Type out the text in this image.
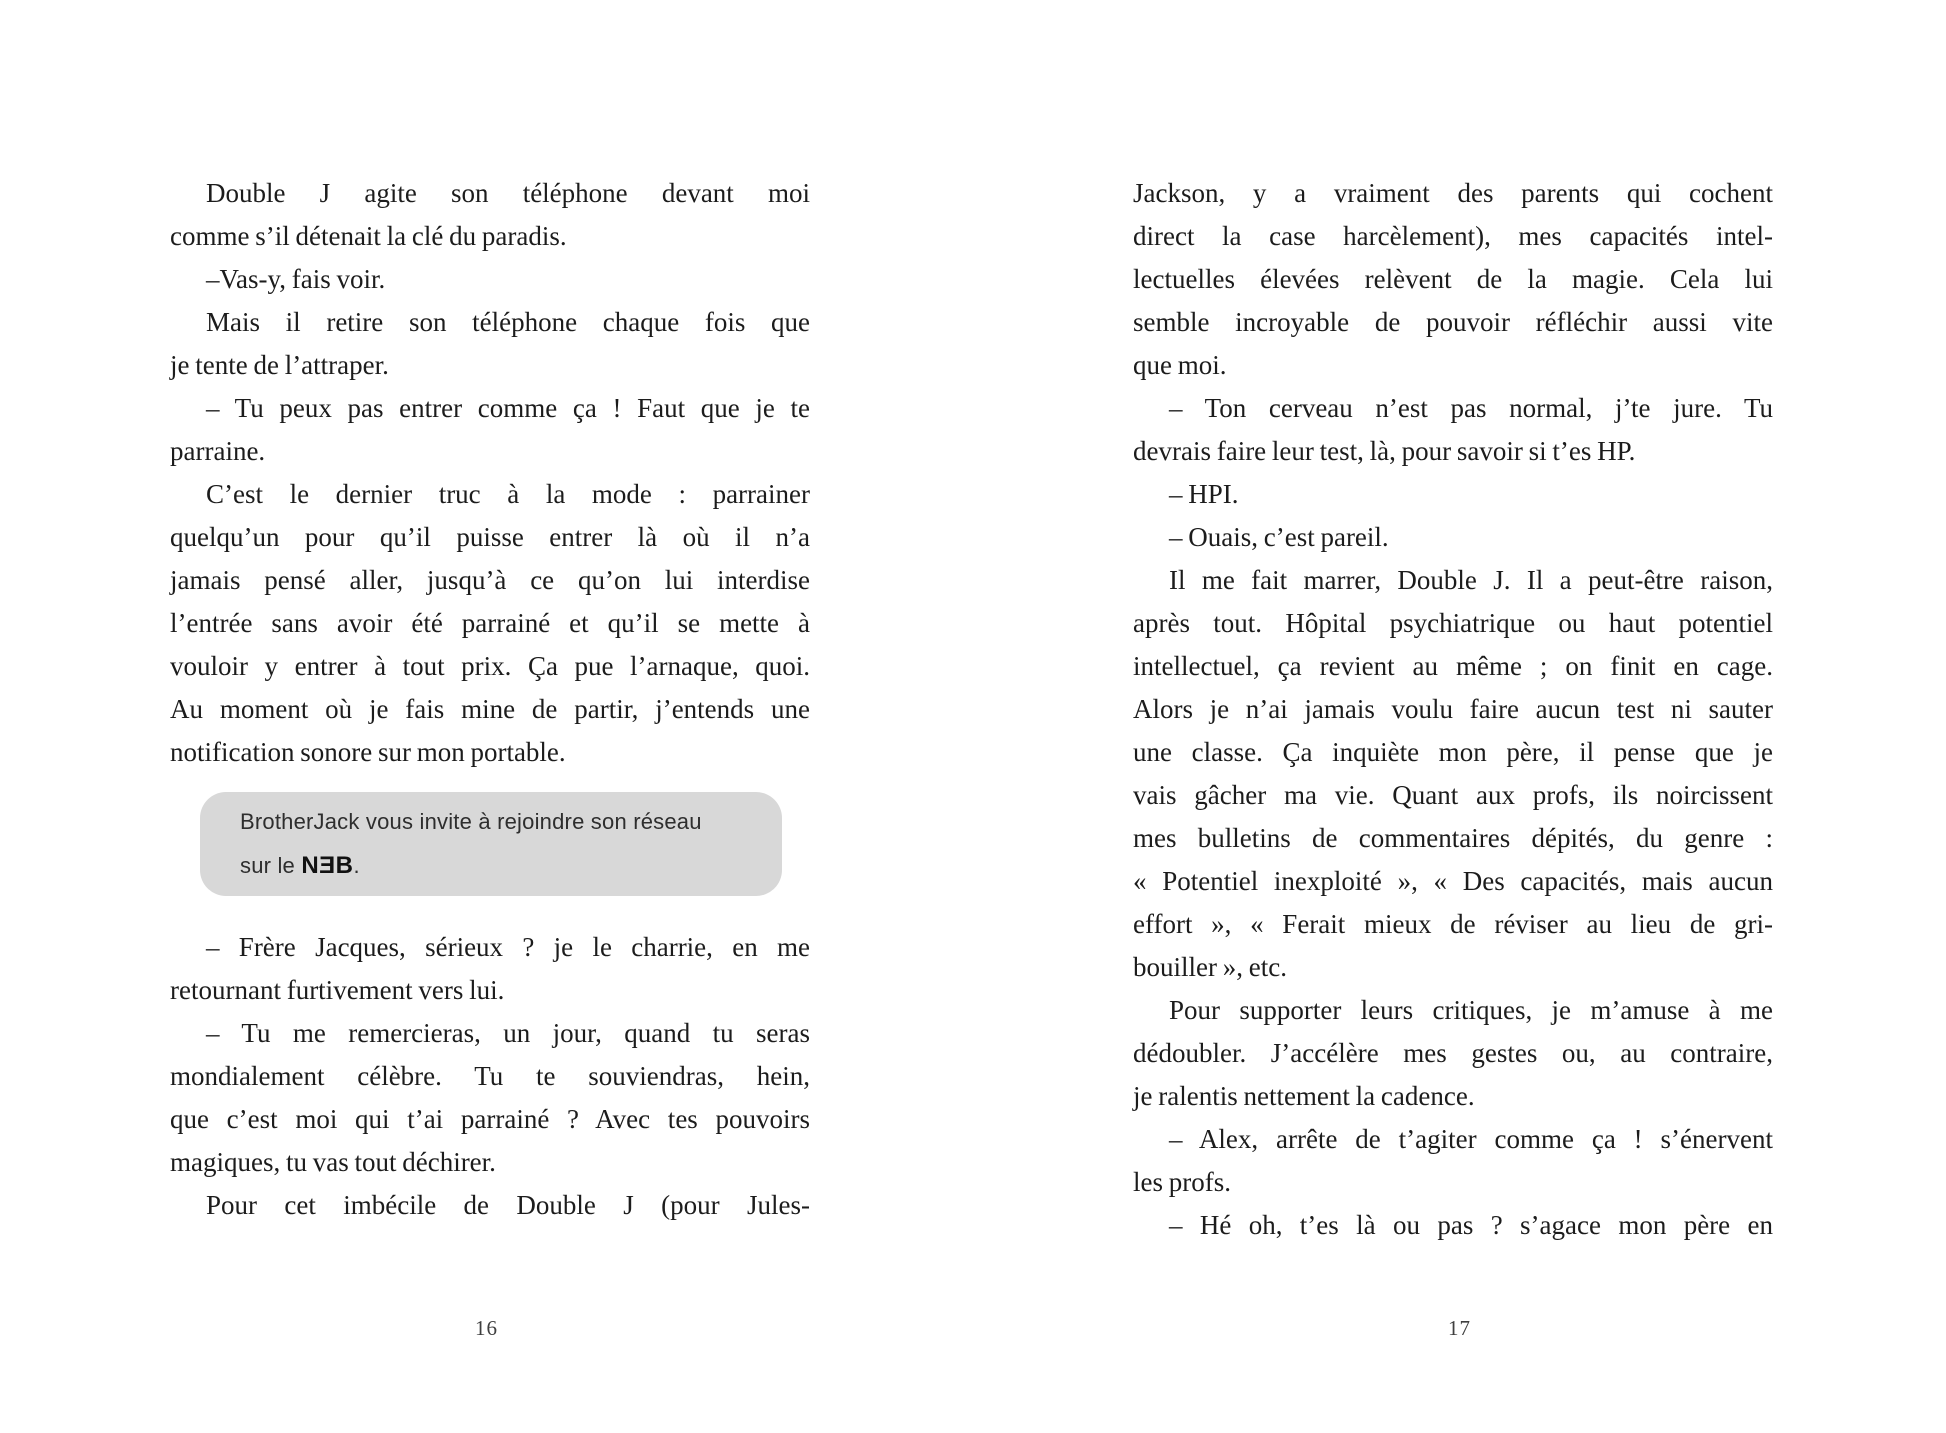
Double J agite son téléphone devant moi
comme s’il détenait la clé du paradis.
–Vas-y, fais voir.
Mais il retire son téléphone chaque fois que
je tente de l’attraper.
– Tu peux pas entrer comme ça ! Faut que je te
parraine.
C’est le dernier truc à la mode : parrainer
quelqu’un pour qu’il puisse entrer là où il n’a
jamais pensé aller, jusqu’à ce qu’on lui interdise
l’entrée sans avoir été parrainé et qu’il se mette à
vouloir y entrer à tout prix. Ça pue l’arnaque, quoi.
Au moment où je fais mine de partir, j’entends une
notification sonore sur mon portable.
BrotherJack vous invite à rejoindre son réseau
sur le NƎB.
– Frère Jacques, sérieux ? je le charrie, en me
retournant furtivement vers lui.
– Tu me remercieras, un jour, quand tu seras
mondialement célèbre. Tu te souviendras, hein,
que c’est moi qui t’ai parrainé ? Avec tes pouvoirs
magiques, tu vas tout déchirer.
Pour cet imbécile de Double J (pour Jules-
16
Jackson, y a vraiment des parents qui cochent
direct la case harcèlement), mes capacités intel-
lectuelles élevées relèvent de la magie. Cela lui
semble incroyable de pouvoir réfléchir aussi vite
que moi.
– Ton cerveau n’est pas normal, j’te jure. Tu
devrais faire leur test, là, pour savoir si t’es HP.
– HPI.
– Ouais, c’est pareil.
Il me fait marrer, Double J. Il a peut-être raison,
après tout. Hôpital psychiatrique ou haut potentiel
intellectuel, ça revient au même ; on finit en cage.
Alors je n’ai jamais voulu faire aucun test ni sauter
une classe. Ça inquiète mon père, il pense que je
vais gâcher ma vie. Quant aux profs, ils noircissent
mes bulletins de commentaires dépités, du genre :
« Potentiel inexploité », « Des capacités, mais aucun
effort », « Ferait mieux de réviser au lieu de gri-
bouiller », etc.
Pour supporter leurs critiques, je m’amuse à me
dédoubler. J’accélère mes gestes ou, au contraire,
je ralentis nettement la cadence.
– Alex, arrête de t’agiter comme ça ! s’énervent
les profs.
– Hé oh, t’es là ou pas ? s’agace mon père en
17
